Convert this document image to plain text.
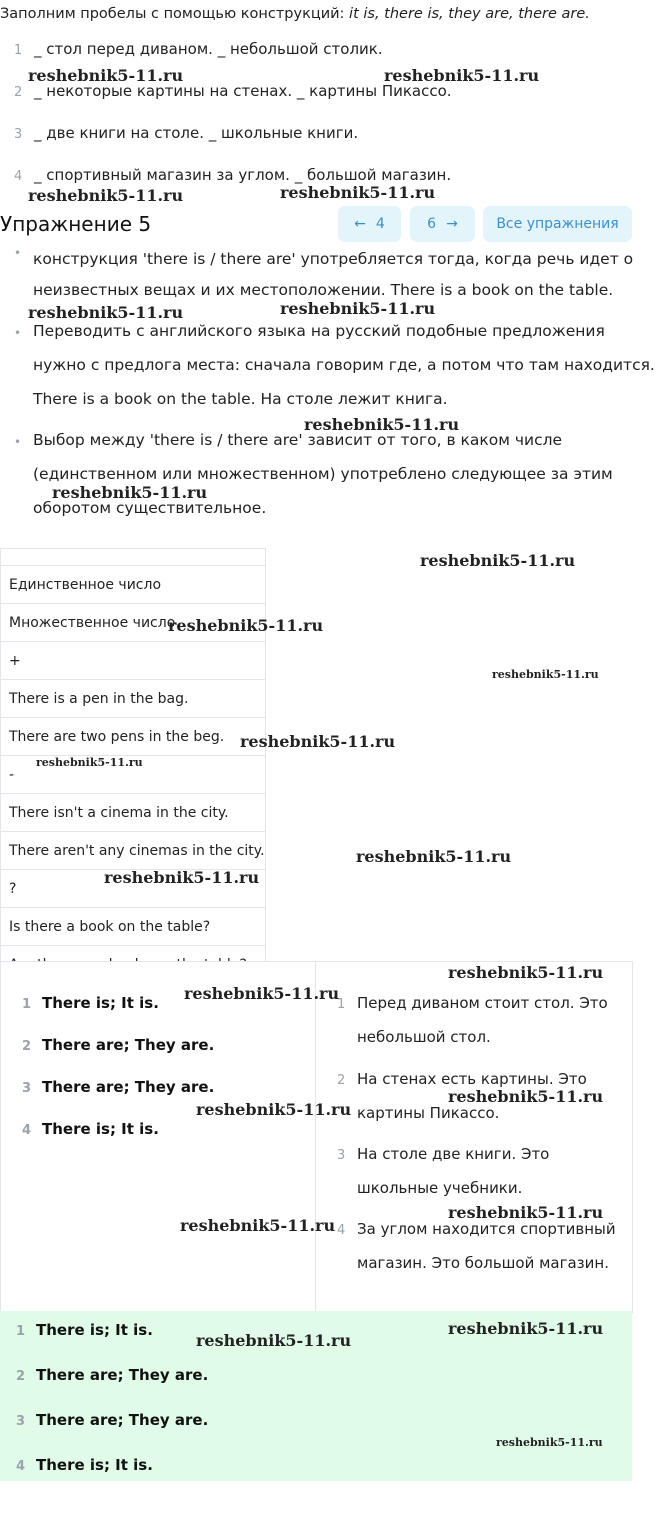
Заполним пробелы с помощью конструкций: it is, there is, they are, there are.
1 _ стол перед диваном. _ небольшой столик.
2 _ некоторые картины на стенах. _ картины Пикассо.
3 _ две книги на столе. _ школьные книги.
4 _ спортивный магазин за углом. _ большой магазин.
Упражнение 5	← 4	6 →	Все упражнения
• конструкция 'there is / there are' употребляется тогда, когда речь идет о
неизвестных вещах и их местоположении. There is a book on the table.
• Переводить с английского языка на русский подобные предложения
нужно с предлога места: сначала говорим где, а потом что там находится.
There is a book on the table. На столе лежит книга.
• Выбор между 'there is / there are' зависит от того, в каком числе
(единственном или множественном) употреблено следующее за этим
оборотом существительное.

Единственное число
Множественное число
+
There is a pen in the bag.
There are two pens in the beg.
-
There isn't a cinema in the city.
There aren't any cinemas in the city.
?
Is there a book on the table?

1 There is; It is.
2 There are; They are.
3 There are; They are.
4 There is; It is.
1 Перед диваном стоит стол. Это
небольшой стол.
2 На стенах есть картины. Это
картины Пикассо.
3 На столе две книги. Это
школьные учебники.
4 За углом находится спортивный
магазин. Это большой магазин.
1 There is; It is.
2 There are; They are.
3 There are; They are.
4 There is; It is.
reshebnik5-11.ru	reshebnik5-11.ru
reshebnik5-11.ru	reshebnik5-11.ru
reshebnik5-11.ru	reshebnik5-11.ru
reshebnik5-11.ru
reshebnik5-11.ru
reshebnik5-11.ru
reshebnik5-11.ru
reshebnik5-11.ru
reshebnik5-11.ru
reshebnik5-11.ru
reshebnik5-11.ru
reshebnik5-11.ru
reshebnik5-11.ru
reshebnik5-11.ru
reshebnik5-11.ru
reshebnik5-11.ru
reshebnik5-11.ru
reshebnik5-11.ru
reshebnik5-11.ru
reshebnik5-11.ru
reshebnik5-11.ru
